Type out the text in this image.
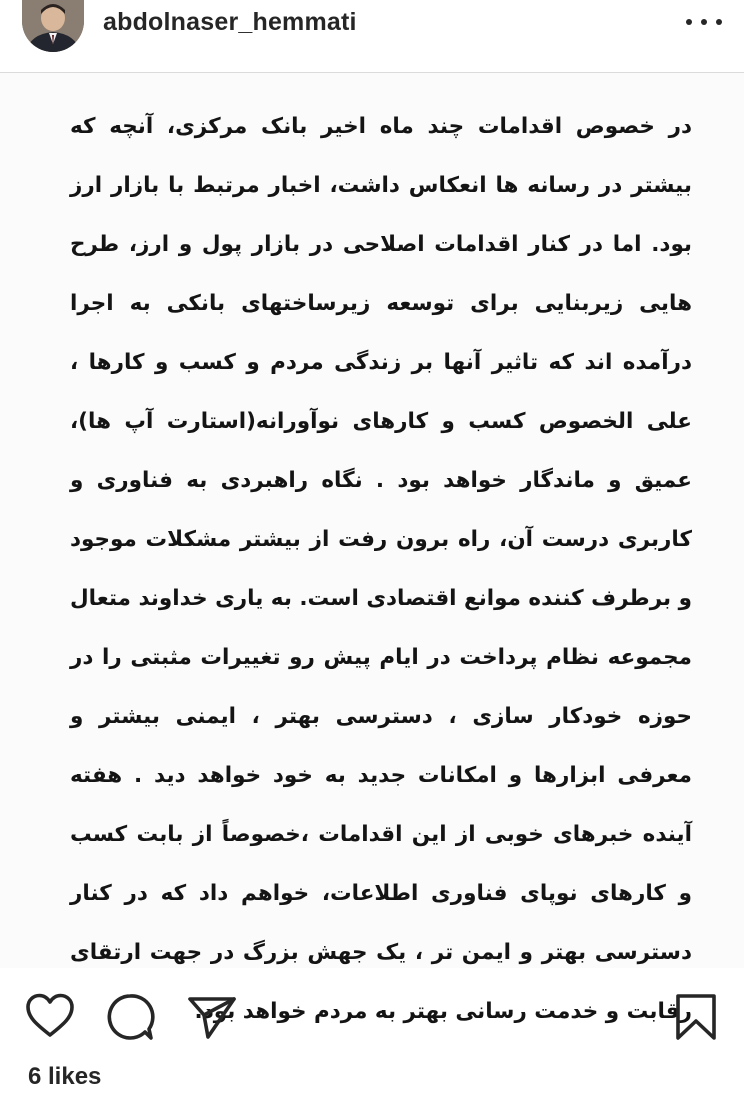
abdolnaser_hemmati
در خصوص اقدامات چند ماه اخیر بانک مرکزی، آنچه که بیشتر در رسانه ها انعکاس داشت، اخبار مرتبط با بازار ارز بود. اما در کنار اقدامات اصلاحی در بازار پول و ارز، طرح هایی زیربنایی برای توسعه زیرساختهای بانکی به اجرا درآمده اند که تاثیر آنها بر زندگی مردم و کسب و کارها ، علی الخصوص کسب و کارهای نوآورانه(استارت آپ ها)، عمیق و ماندگار خواهد بود . نگاه راهبردی به فناوری و کاربری درست آن، راه برون رفت از بیشتر مشکلات موجود و برطرف کننده موانع اقتصادی است. به یاری خداوند متعال مجموعه نظام پرداخت در ایام پیش رو تغییرات مثبتی را در حوزه خودکار سازی ، دسترسی بهتر ، ایمنی بیشتر و معرفی ابزارها و امکانات جدید به خود خواهد دید . هفته آینده خبرهای خوبی از این اقدامات ،خصوصاً از بابت کسب و کارهای نوپای فناوری اطلاعات، خواهم داد که در کنار دسترسی بهتر و ایمن تر ، یک جهش بزرگ در جهت ارتقای رقابت و خدمت رسانی بهتر به مردم خواهد بود.
6 likes
